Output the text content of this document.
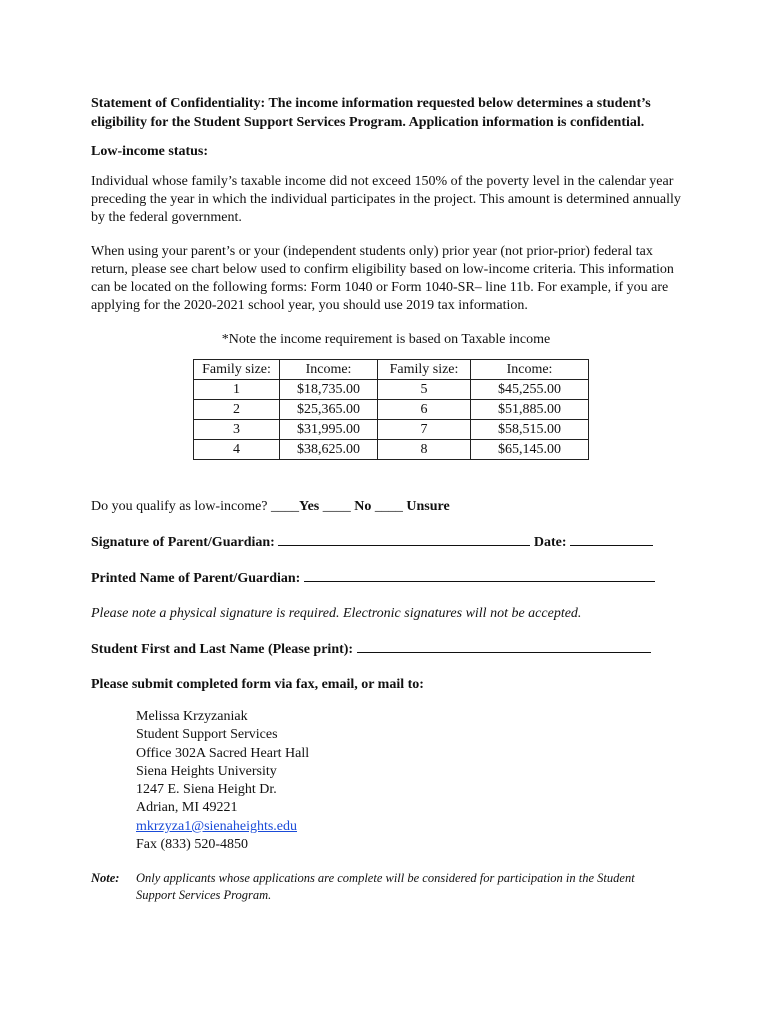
Statement of Confidentiality: The income information requested below determines a student’s eligibility for the Student Support Services Program. Application information is confidential.

Low-income status:

Individual whose family’s taxable income did not exceed 150% of the poverty level in the calendar year preceding the year in which the individual participates in the project. This amount is determined annually by the federal government.

When using your parent’s or your (independent students only) prior year (not prior-prior) federal tax return, please see chart below used to confirm eligibility based on low-income criteria. This information can be located on the following forms: Form 1040 or Form 1040-SR– line 11b. For example, if you are applying for the 2020-2021 school year, you should use 2019 tax information.

*Note the income requirement is based on Taxable income

Family size:	Income:	Family size:	Income:
1	$18,735.00	5	$45,255.00
2	$25,365.00	6	$51,885.00
3	$31,995.00	7	$58,515.00
4	$38,625.00	8	$65,145.00

Do you qualify as low-income? ____Yes ____ No ____ Unsure

Signature of Parent/Guardian:	Date:

Printed Name of Parent/Guardian:

Please note a physical signature is required. Electronic signatures will not be accepted.

Student First and Last Name (Please print):

Please submit completed form via fax, email, or mail to:

Melissa Krzyzaniak
Student Support Services
Office 302A Sacred Heart Hall
Siena Heights University
1247 E. Siena Height Dr.
Adrian, MI 49221
mkrzyza1@sienaheights.edu
Fax (833) 520-4850
Note:	Only applicants whose applications are complete will be considered for participation in the Student Support Services Program.
